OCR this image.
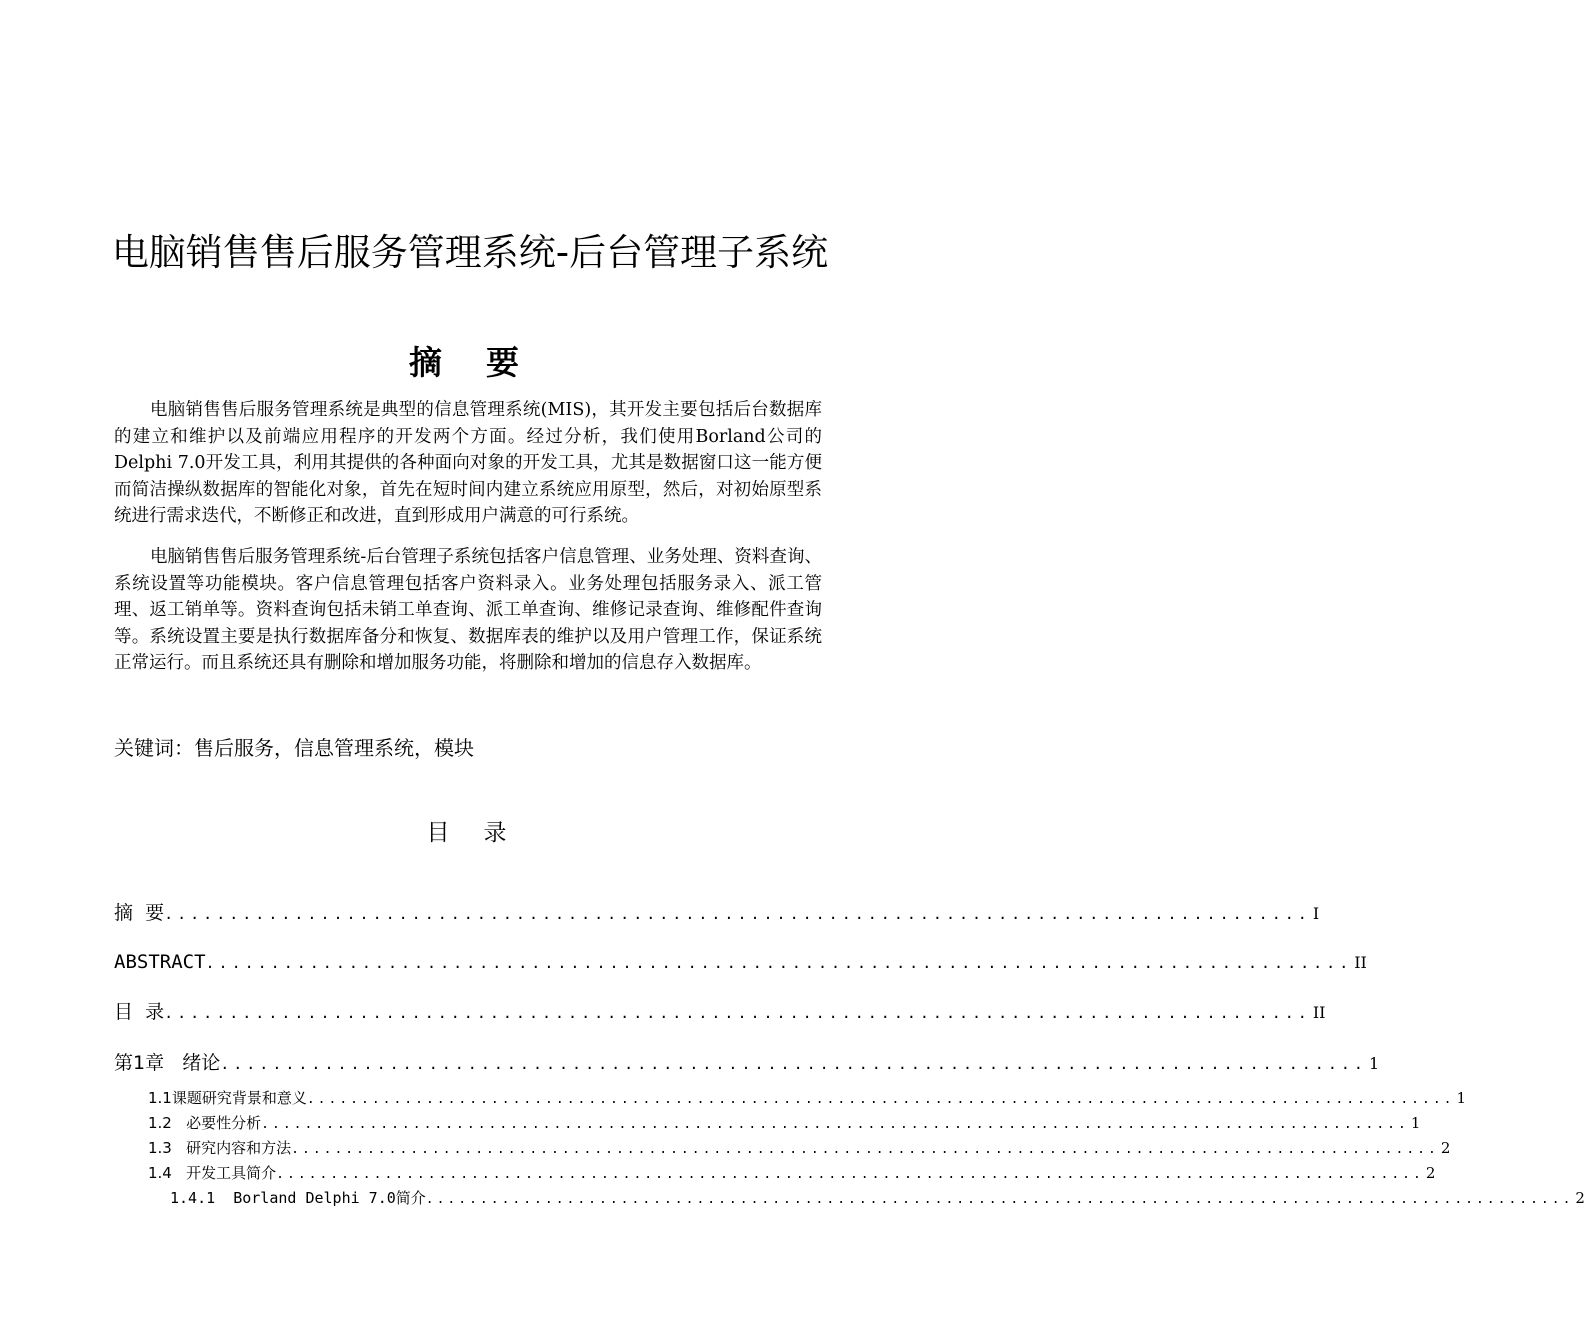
电脑销售售后服务管理系统-后台管理子系统
摘要

电脑销售售后服务管理系统是典型的信息管理系统(MIS)，其开发主要包括后台数据库的建立和维护以及前端应用程序的开发两个方面。经过分析，我们使用Borland公司的Delphi 7.0开发工具，利用其提供的各种面向对象的开发工具，尤其是数据窗口这一能方便而简洁操纵数据库的智能化对象，首先在短时间内建立系统应用原型，然后，对初始原型系统进行需求迭代，不断修正和改进，直到形成用户满意的可行系统。

电脑销售售后服务管理系统-后台管理子系统包括客户信息管理、业务处理、资料查询、系统设置等功能模块。客户信息管理包括客户资料录入。业务处理包括服务录入、派工管理、返工销单等。资料查询包括未销工单查询、派工单查询、维修记录查询、维修配件查询等。系统设置主要是执行数据库备分和恢复、数据库表的维护以及用户管理工作，保证系统正常运行。而且系统还具有删除和增加服务功能，将删除和增加的信息存入数据库。

关键词：售后服务，信息管理系统，模块
目录
摘  要 ........................................................................................ I
ABSTRACT ........................................................................................ II
目  录 ........................................................................................ II
第1章   绪论 ........................................................................................ 1
1.1课题研究背景和意义 .......................................................................................................... 1
1.2   必要性分析 .......................................................................................................... 1
1.3   研究内容和方法 .......................................................................................................... 2
1.4   开发工具简介 .......................................................................................................... 2
1.4.1  Borland Delphi 7.0简介 .......................................................................................................... 2
